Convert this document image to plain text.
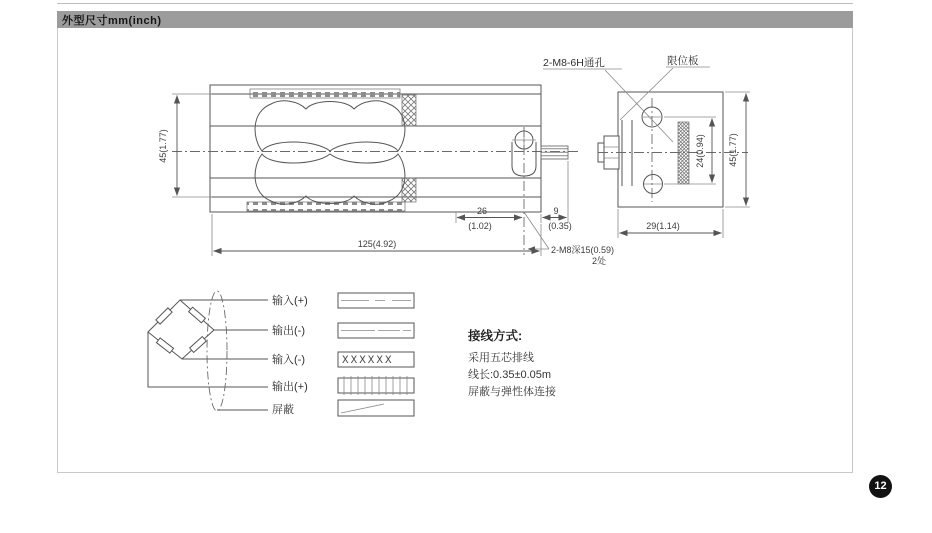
外型尺寸mm(inch)
45(1.77)
26
(1.02)
9
(0.35)
125(4.92)
2-M8深15(0.59)
2处
2-M8-6H通孔	限位板
24(0.94)	45(1.77)
29(1.14)
输入(+)
输出(-)
输入(-)
输出(+)
屏蔽
XXXXXX
接线方式:
采用五芯排线
线长:0.35±0.05m
屏蔽与弹性体连接
12
